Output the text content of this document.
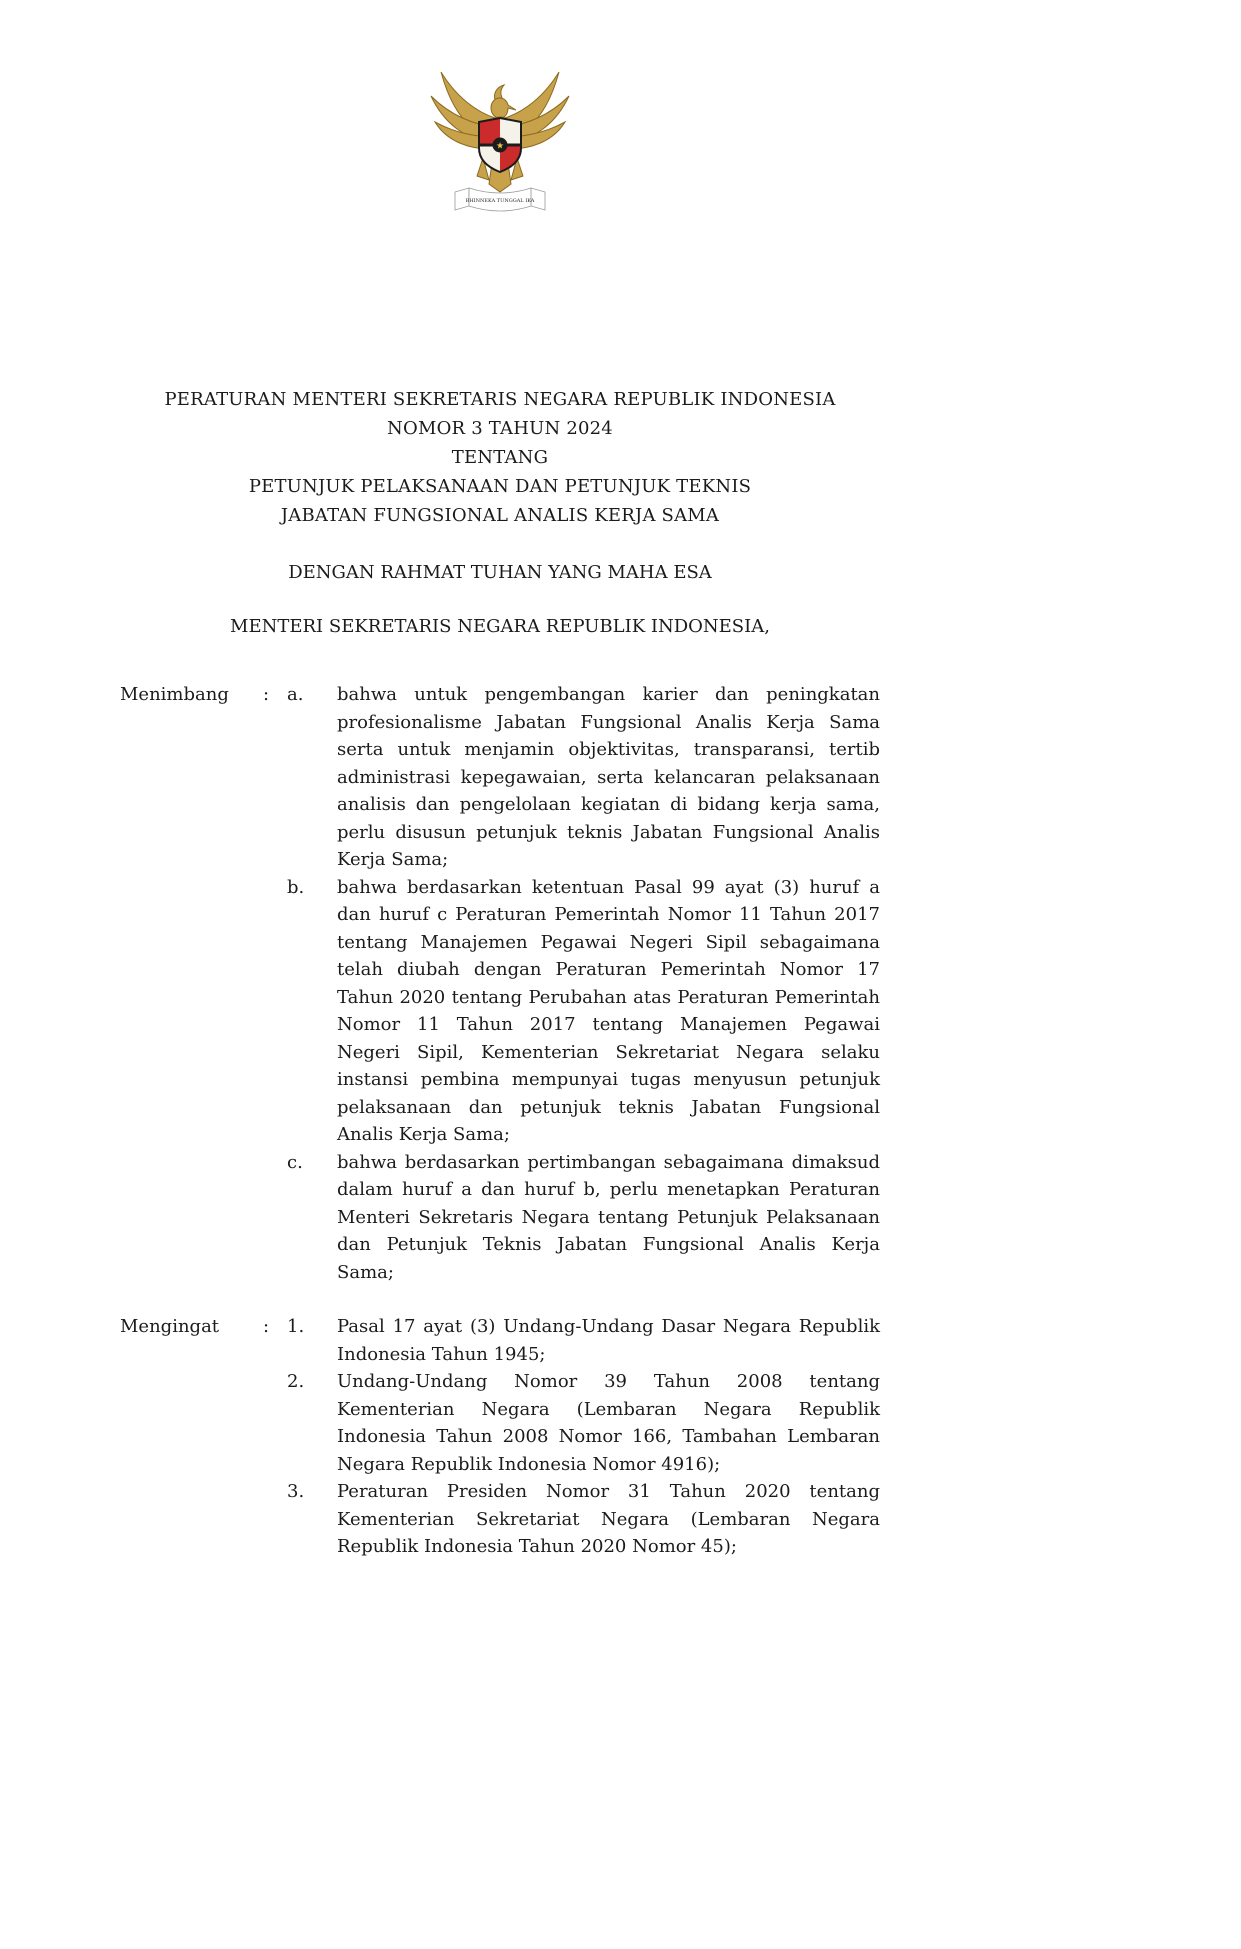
★
BHINNEKA TUNGGAL IKA
PERATURAN MENTERI SEKRETARIS NEGARA REPUBLIK INDONESIA
NOMOR 3 TAHUN 2024
TENTANG
PETUNJUK PELAKSANAAN DAN PETUNJUK TEKNIS
JABATAN FUNGSIONAL ANALIS KERJA SAMA
DENGAN RAHMAT TUHAN YANG MAHA ESA
MENTERI SEKRETARIS NEGARA REPUBLIK INDONESIA,
Menimbang	: a.	bahwa untuk pengembangan karier dan peningkatan profesionalisme Jabatan Fungsional Analis Kerja Sama serta untuk menjamin objektivitas, transparansi, tertib administrasi kepegawaian, serta kelancaran pelaksanaan analisis dan pengelolaan kegiatan di bidang kerja sama, perlu disusun petunjuk teknis Jabatan Fungsional Analis Kerja Sama;
b.	bahwa berdasarkan ketentuan Pasal 99 ayat (3) huruf a dan huruf c Peraturan Pemerintah Nomor 11 Tahun 2017 tentang Manajemen Pegawai Negeri Sipil sebagaimana telah diubah dengan Peraturan Pemerintah Nomor 17 Tahun 2020 tentang Perubahan atas Peraturan Pemerintah Nomor 11 Tahun 2017 tentang Manajemen Pegawai Negeri Sipil, Kementerian Sekretariat Negara selaku instansi pembina mempunyai tugas menyusun petunjuk pelaksanaan dan petunjuk teknis Jabatan Fungsional Analis Kerja Sama;
c.	bahwa berdasarkan pertimbangan sebagaimana dimaksud dalam huruf a dan huruf b, perlu menetapkan Peraturan Menteri Sekretaris Negara tentang Petunjuk Pelaksanaan dan Petunjuk Teknis Jabatan Fungsional Analis Kerja Sama;
Mengingat	: 1.	Pasal 17 ayat (3) Undang-Undang Dasar Negara Republik Indonesia Tahun 1945;
2.	Undang-Undang Nomor 39 Tahun 2008 tentang Kementerian Negara (Lembaran Negara Republik Indonesia Tahun 2008 Nomor 166, Tambahan Lembaran Negara Republik Indonesia Nomor 4916);
3.	Peraturan Presiden Nomor 31 Tahun 2020 tentang Kementerian Sekretariat Negara (Lembaran Negara Republik Indonesia Tahun 2020 Nomor 45);
